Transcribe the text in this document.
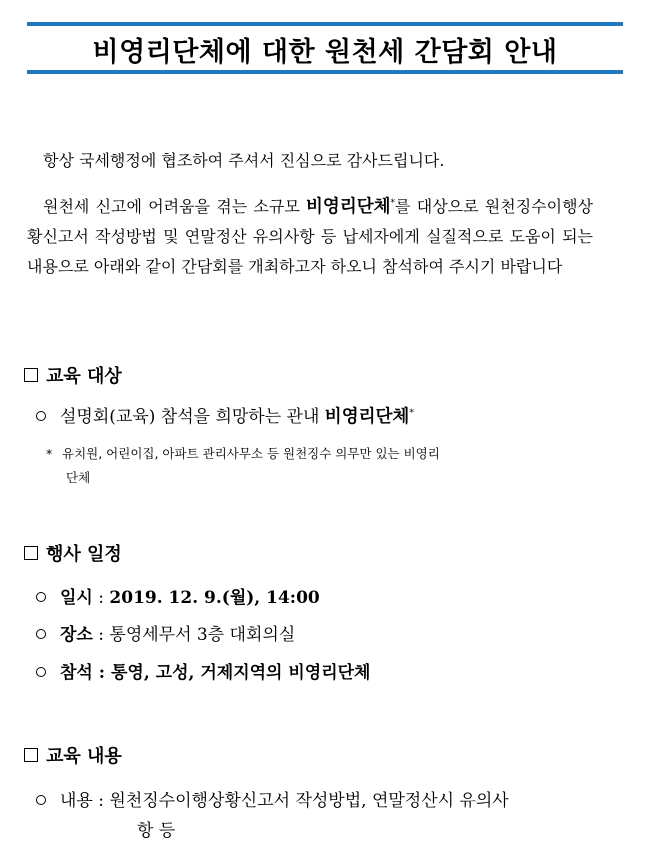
비영리단체에 대한 원천세 간담회 안내
항상 국세행정에 협조하여 주셔서 진심으로 감사드립니다.
원천세 신고에 어려움을 겪는 소규모 비영리단체*를 대상으로 원천징수이행상황신고서 작성방법 및 연말정산 유의사항 등 납세자에게 실질적으로 도움이 되는 내용으로 아래와 같이 간담회를 개최하고자 하오니 참석하여 주시기 바랍니다
교육 대상
설명회(교육) 참석을 희망하는 관내 비영리단체*
* 유치원, 어린이집, 아파트 관리사무소 등 원천징수 의무만 있는 비영리
단체
행사 일정
일시 : 2019. 12. 9.(월), 14:00
장소 : 통영세무서 3층 대회의실
참석 : 통영, 고성, 거제지역의 비영리단체
교육 내용
내용 : 원천징수이행상황신고서 작성방법, 연말정산시 유의사
항 등
